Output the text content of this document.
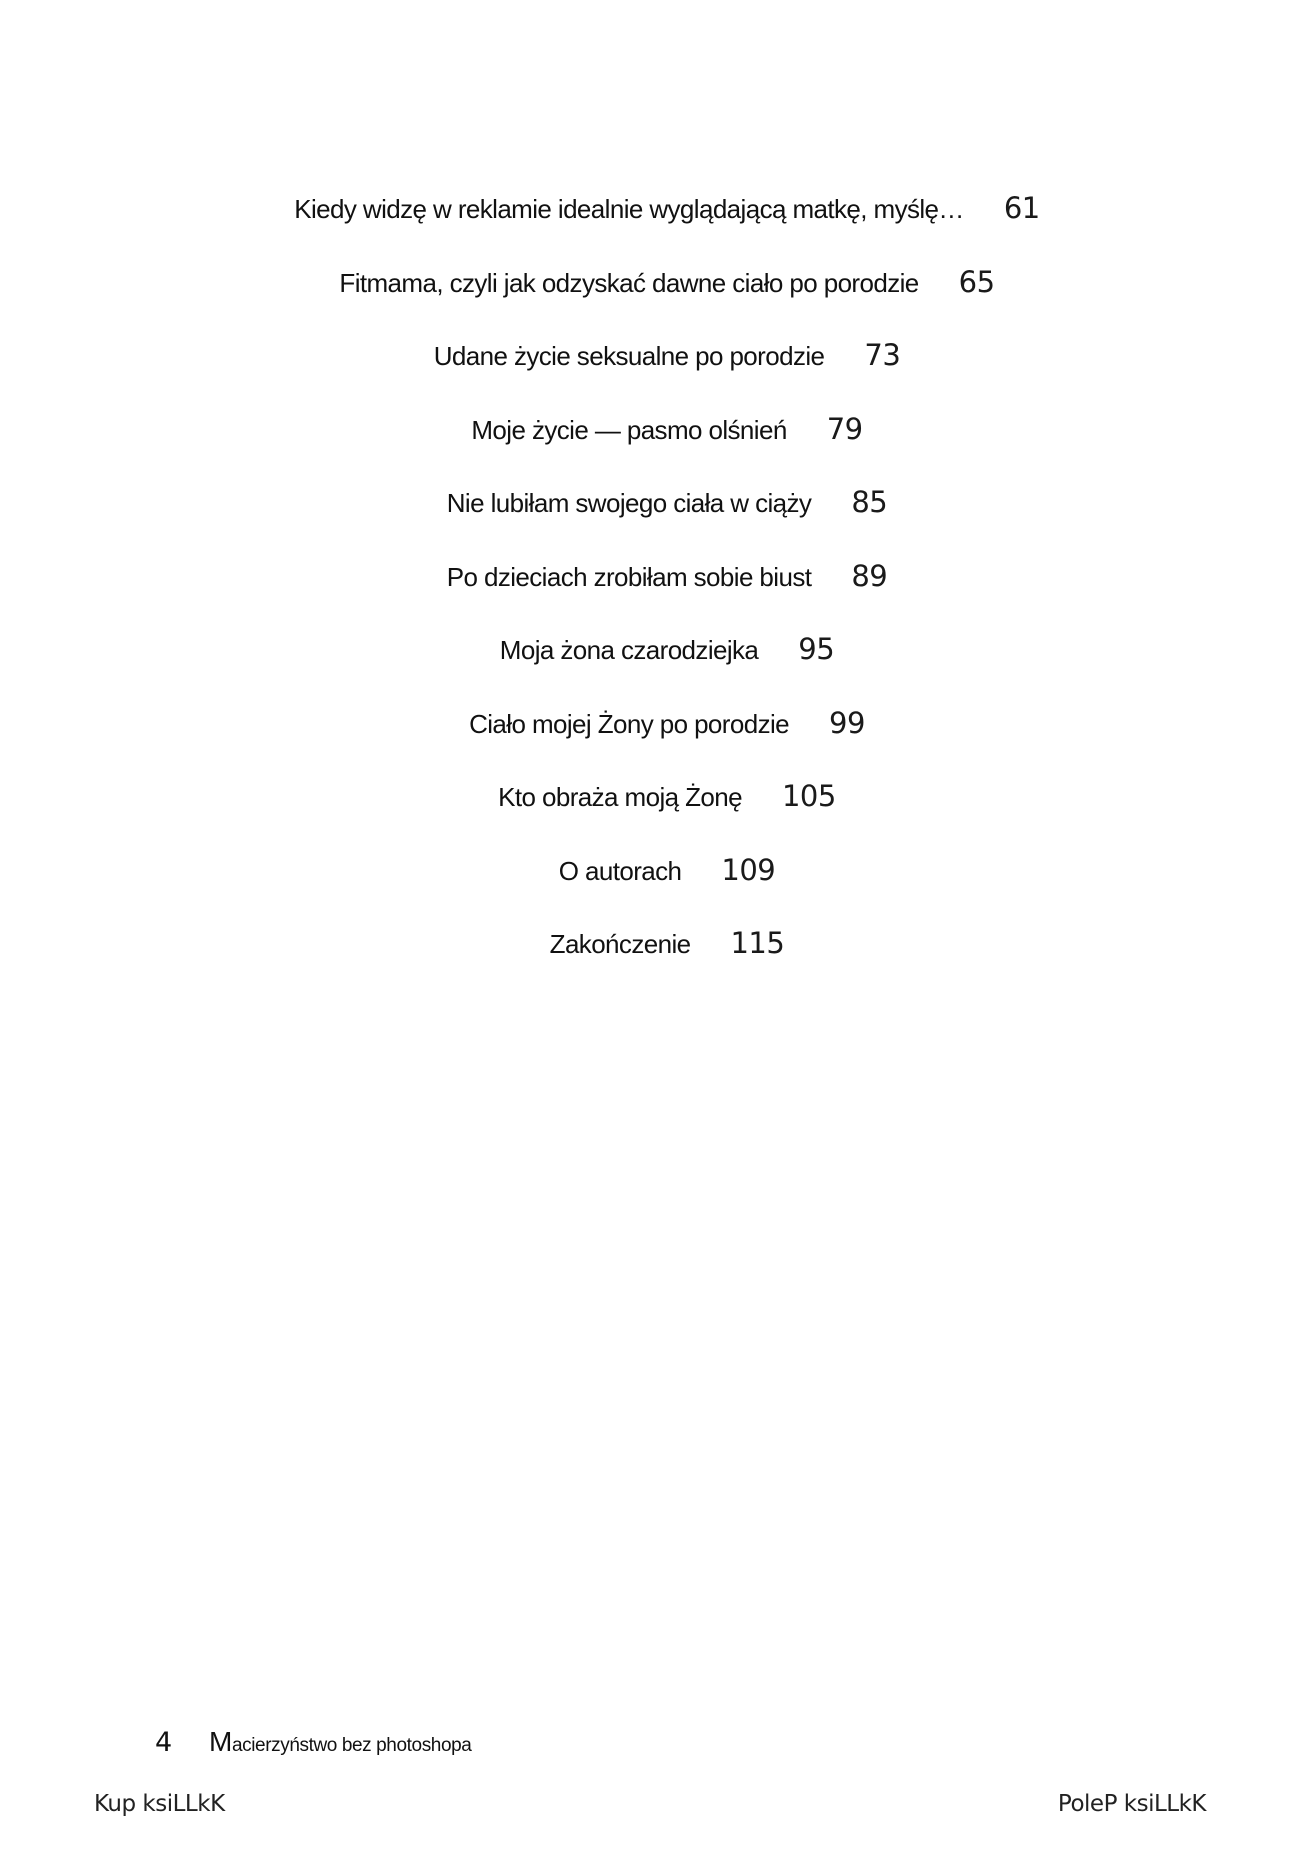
Kiedy widzę w reklamie idealnie wyglądającą matkę, myślę… 61
Fitmama, czyli jak odzyskać dawne ciało po porodzie 65
Udane życie seksualne po porodzie 73
Moje życie — pasmo olśnień 79
Nie lubiłam swojego ciała w ciąży 85
Po dzieciach zrobiłam sobie biust 89
Moja żona czarodziejka 95
Ciało mojej Żony po porodzie 99
Kto obraża moją Żonę 105
O autorach 109
Zakończenie 115
4	Macierzyństwo bez photoshopa
Kup ksiLLkK	PoleP ksiLLkK
